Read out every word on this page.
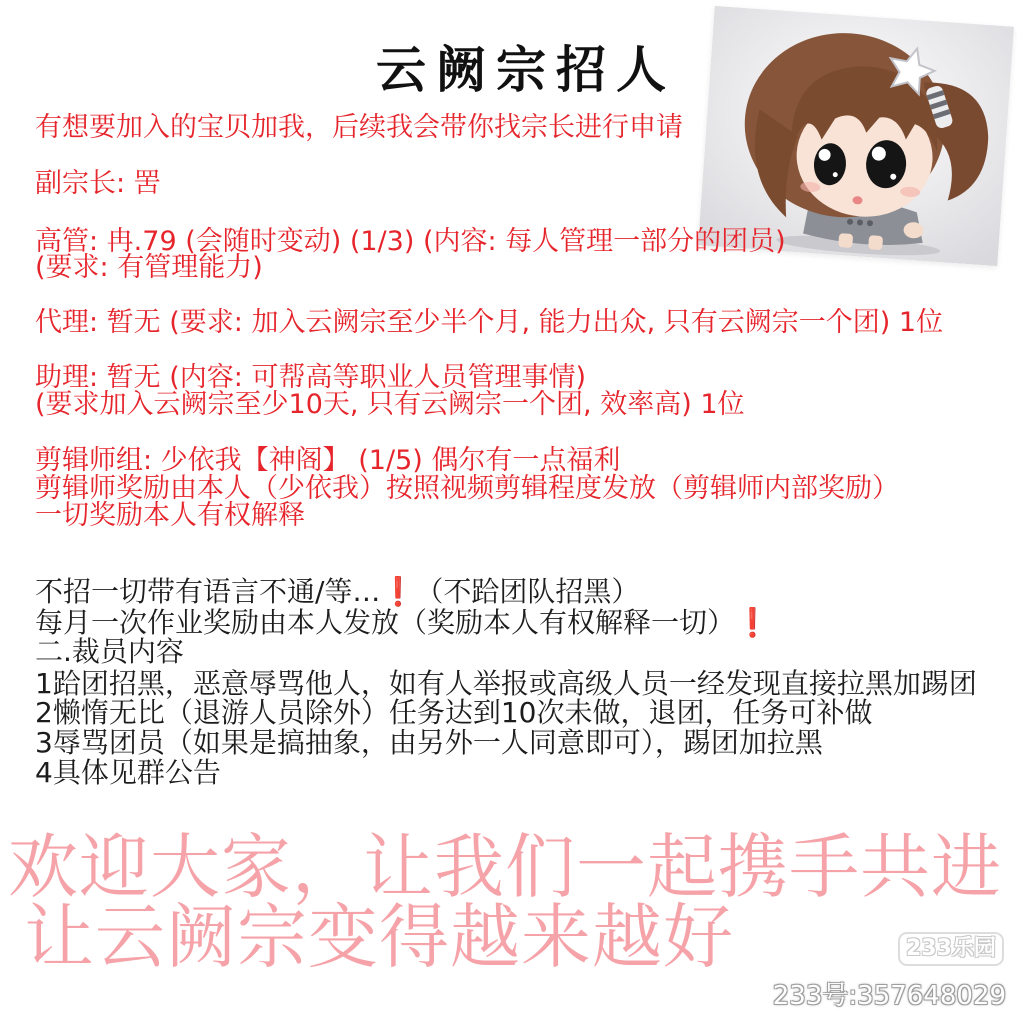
云阙宗招人
有想要加入的宝贝加我，后续我会带你找宗长进行申请
副宗长: 罟
高管: 冉.79 (会随时变动) (1/3) (内容: 每人管理一部分的团员)
(要求: 有管理能力)
代理: 暂无 (要求: 加入云阙宗至少半个月, 能力出众, 只有云阙宗一个团) 1位
助理: 暂无 (内容: 可帮高等职业人员管理事情)
(要求加入云阙宗至少10天, 只有云阙宗一个团, 效率高) 1位
剪辑师组: 少依我【神阁】 (1/5) 偶尔有一点福利
剪辑师奖励由本人（少依我）按照视频剪辑程度发放（剪辑师内部奖励）
一切奖励本人有权解释
不招一切带有语言不通/等…❗（不跲团队招黑）
每月一次作业奖励由本人发放（奖励本人有权解释一切）❗
二.裁员内容
1跲团招黑，恶意辱骂他人，如有人举报或高级人员一经发现直接拉黑加踢团
2懒惰无比（退游人员除外）任务达到10次未做，退团，任务可补做
3辱骂团员（如果是搞抽象，由另外一人同意即可），踢团加拉黑
4具体见群公告
欢迎大家，让我们一起携手共进
让云阙宗变得越来越好	233乐园
233号:357648029
